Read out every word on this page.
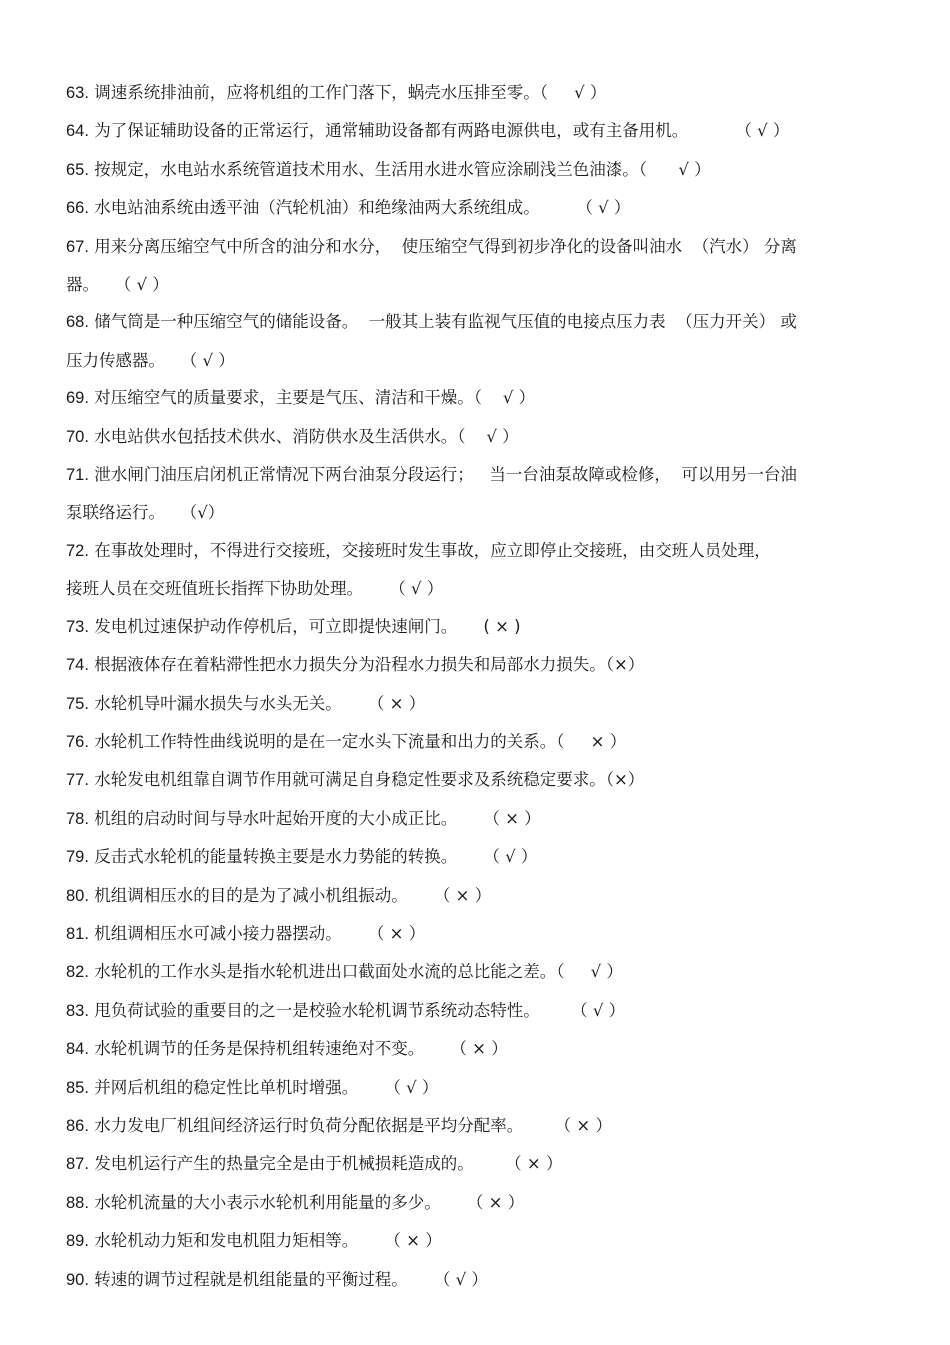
63. 调速系统排油前，应将机组的工作门落下，蜗壳水压排至零。（     √ ）

64. 为了保证辅助设备的正常运行，通常辅助设备都有两路电源供电，或有主备用机。         （ √ ）

65. 按规定，水电站水系统管道技术用水、生活用水进水管应涂刷浅兰色油漆。（      √ ）

66. 水电站油系统由透平油（汽轮机油）和绝缘油两大系统组成。       （ √ ）

67. 用来分离压缩空气中所含的油分和水分，  使压缩空气得到初步净化的设备叫油水  （汽水） 分离

器。   （ √ ）

68. 储气筒是一种压缩空气的储能设备。  一般其上装有监视气压值的电接点压力表  （压力开关） 或

压力传感器。   （ √ ）

69. 对压缩空气的质量要求，主要是气压、清洁和干燥。（    √ ）

70. 水电站供水包括技术供水、消防供水及生活供水。（    √ ）

71. 泄水闸门油压启闭机正常情况下两台油泵分段运行；   当一台油泵故障或检修，  可以用另一台油

泵联络运行。   （√）

72. 在事故处理时，不得进行交接班，交接班时发生事故，应立即停止交接班，由交班人员处理，

接班人员在交班值班长指挥下协助处理。     （ √ ）

73. 发电机过速保护动作停机后，可立即提快速闸门。     ( × )

74. 根据液体存在着粘滞性把水力损失分为沿程水力损失和局部水力损失。（×）

75. 水轮机导叶漏水损失与水头无关。     （ × ）

76. 水轮机工作特性曲线说明的是在一定水头下流量和出力的关系。（     × ）

77. 水轮发电机组靠自调节作用就可满足自身稳定性要求及系统稳定要求。（×）

78. 机组的启动时间与导水叶起始开度的大小成正比。     （ × ）

79. 反击式水轮机的能量转换主要是水力势能的转换。     （ √ ）

80. 机组调相压水的目的是为了减小机组振动。     （ × ）

81. 机组调相压水可减小接力器摆动。     （ × ）

82. 水轮机的工作水头是指水轮机进出口截面处水流的总比能之差。（     √ ）

83. 甩负荷试验的重要目的之一是校验水轮机调节系统动态特性。      （ √ ）

84. 水轮机调节的任务是保持机组转速绝对不变。     （ × ）

85. 并网后机组的稳定性比单机时增强。     （ √ ）

86. 水力发电厂机组间经济运行时负荷分配依据是平均分配率。      （ × ）

87. 发电机运行产生的热量完全是由于机械损耗造成的。      （ × ）

88. 水轮机流量的大小表示水轮机利用能量的多少。     （ × ）

89. 水轮机动力矩和发电机阻力矩相等。     （ × ）

90. 转速的调节过程就是机组能量的平衡过程。     （ √ ）
